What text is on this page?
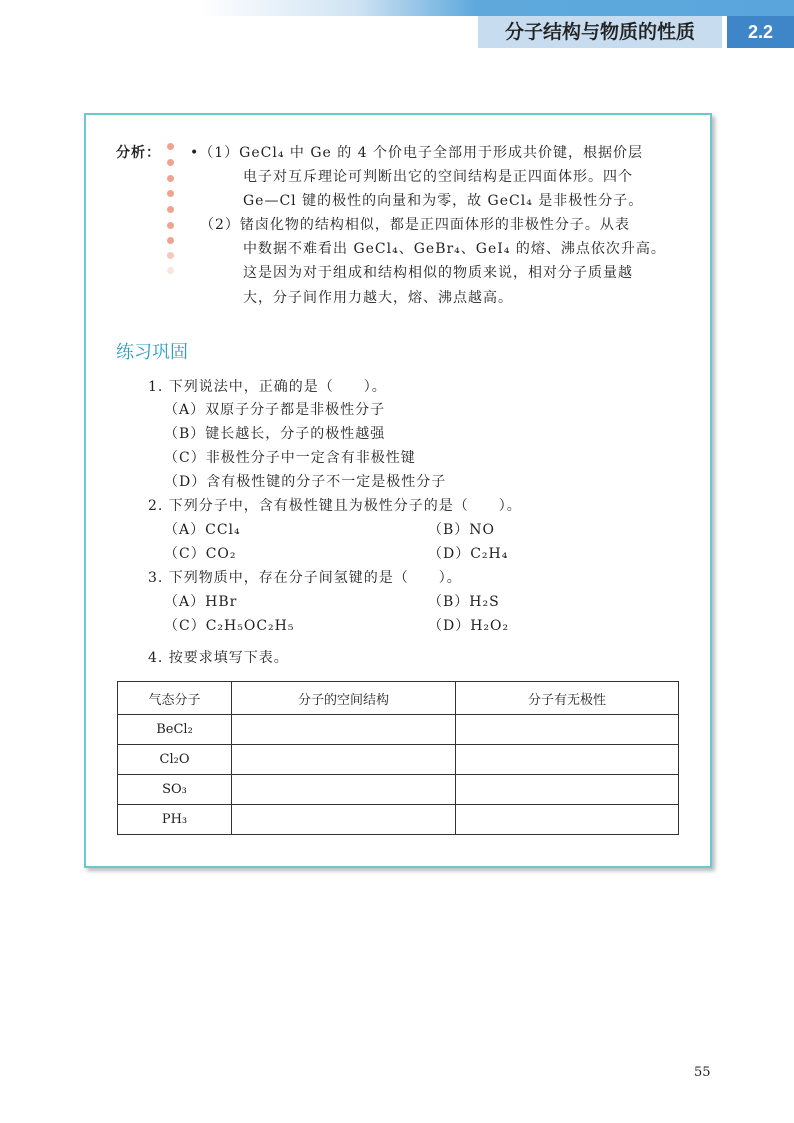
分子结构与物质的性质	2.2
分析： •（1）GeCl₄ 中 Ge 的 4 个价电子全部用于形成共价键，根据价层
电子对互斥理论可判断出它的空间结构是正四面体形。四个
Ge—Cl 键的极性的向量和为零，故 GeCl₄ 是非极性分子。
（2）锗卤化物的结构相似，都是正四面体形的非极性分子。从表
中数据不难看出 GeCl₄、GeBr₄、GeI₄ 的熔、沸点依次升高。
这是因为对于组成和结构相似的物质来说，相对分子质量越
大，分子间作用力越大，熔、沸点越高。
练习巩固
1. 下列说法中，正确的是（　　）。
（A）双原子分子都是非极性分子
（B）键长越长，分子的极性越强
（C）非极性分子中一定含有非极性键
（D）含有极性键的分子不一定是极性分子
2. 下列分子中，含有极性键且为极性分子的是（　　）。
（A）CCl₄	（B）NO
（C）CO₂	（D）C₂H₄
3. 下列物质中，存在分子间氢键的是（　　）。
（A）HBr	（B）H₂S
（C）C₂H₅OC₂H₅	（D）H₂O₂
4. 按要求填写下表。
气态分子	分子的空间结构	分子有无极性
BeCl₂		
Cl₂O		
SO₃		
PH₃		
55
